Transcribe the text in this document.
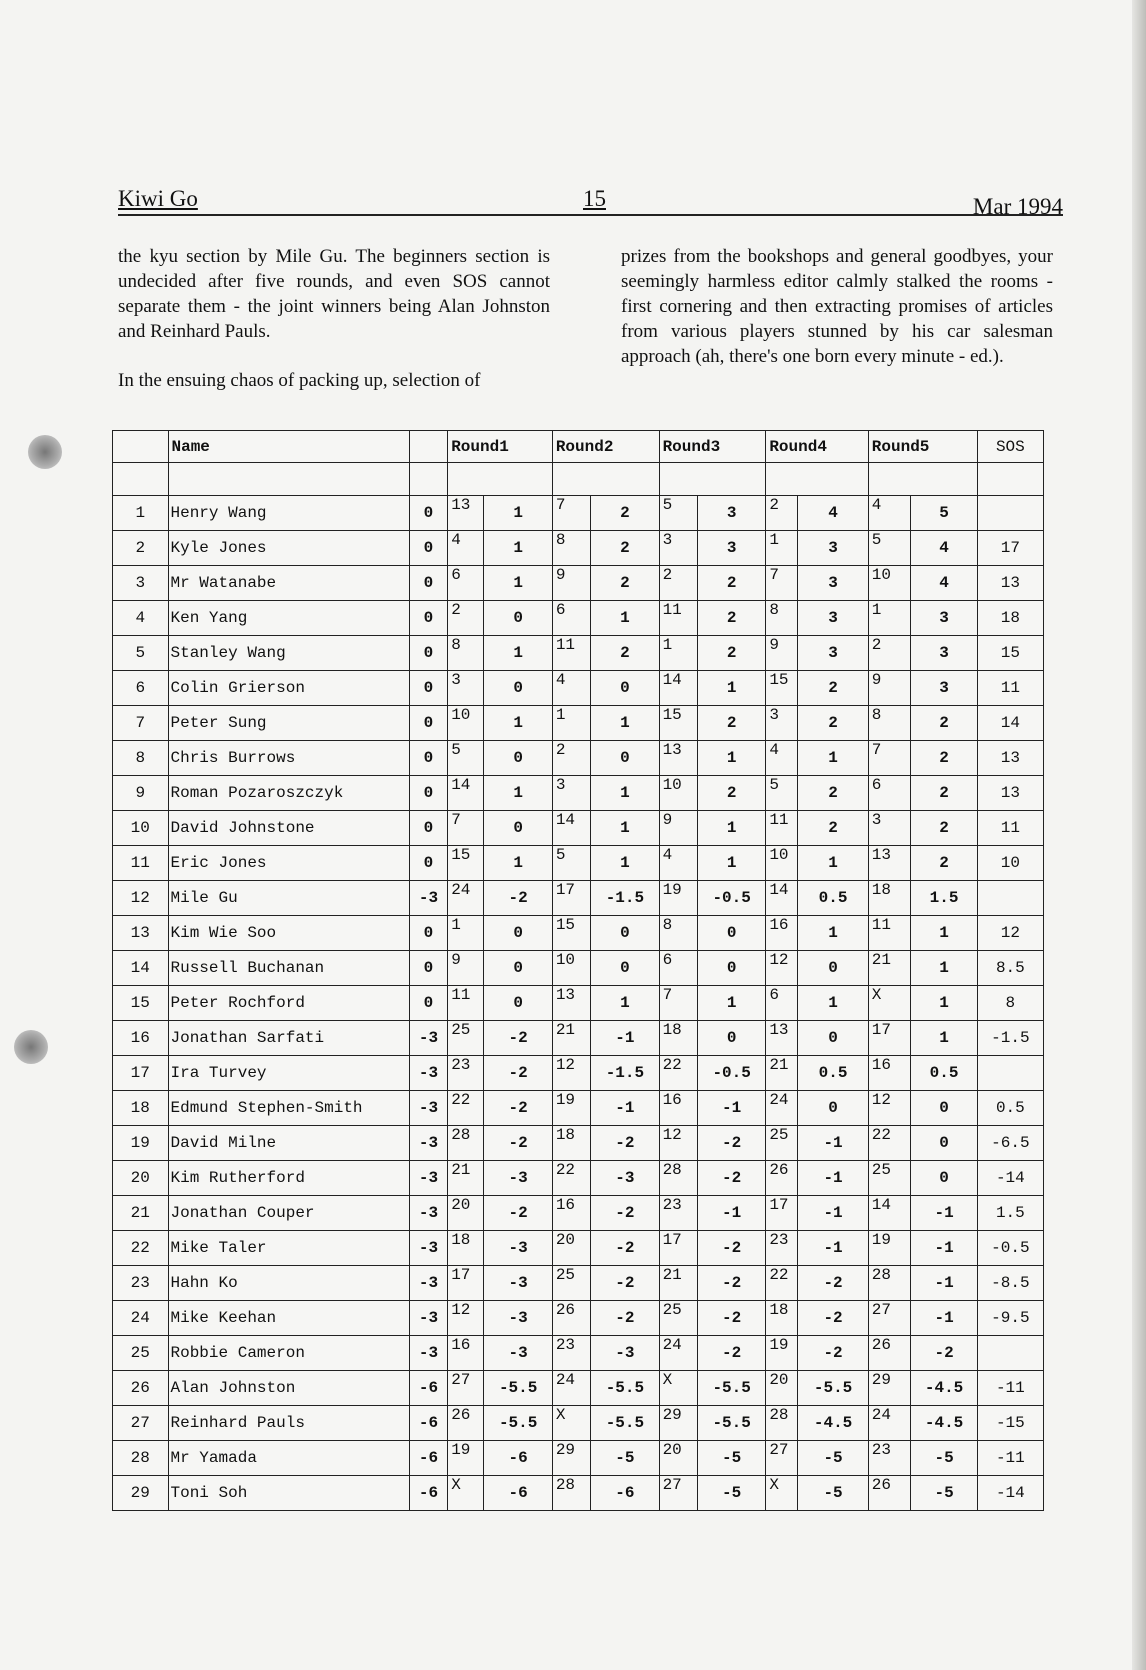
Kiwi Go	15	Mar 1994

the kyu section by Mile Gu. The beginners section is undecided after five rounds, and even SOS cannot separate them - the joint winners being Alan Johnston and Reinhard Pauls.

In the ensuing chaos of packing up, selection of

prizes from the bookshops and general goodbyes, your seemingly harmless editor calmly stalked the rooms - first cornering and then extracting promises of articles from various players stunned by his car salesman approach (ah, there's one born every minute - ed.).

	Name		Round1		Round2		Round3		Round4		Round5		SOS

1	Henry Wang	0	13	1	7	2	5	3	2	4	4	5	
2	Kyle Jones	0	4	1	8	2	3	3	1	3	5	4	17
3	Mr Watanabe	0	6	1	9	2	2	2	7	3	10	4	13
4	Ken Yang	0	2	0	6	1	11	2	8	3	1	3	18
5	Stanley Wang	0	8	1	11	2	1	2	9	3	2	3	15
6	Colin Grierson	0	3	0	4	0	14	1	15	2	9	3	11
7	Peter Sung	0	10	1	1	1	15	2	3	2	8	2	14
8	Chris Burrows	0	5	0	2	0	13	1	4	1	7	2	13
9	Roman Pozaroszczyk	0	14	1	3	1	10	2	5	2	6	2	13
10	David Johnstone	0	7	0	14	1	9	1	11	2	3	2	11
11	Eric Jones	0	15	1	5	1	4	1	10	1	13	2	10
12	Mile Gu	-3	24	-2	17	-1.5	19	-0.5	14	0.5	18	1.5	
13	Kim Wie Soo	0	1	0	15	0	8	0	16	1	11	1	12
14	Russell Buchanan	0	9	0	10	0	6	0	12	0	21	1	8.5
15	Peter Rochford	0	11	0	13	1	7	1	6	1	X	1	8
16	Jonathan Sarfati	-3	25	-2	21	-1	18	0	13	0	17	1	-1.5
17	Ira Turvey	-3	23	-2	12	-1.5	22	-0.5	21	0.5	16	0.5	
18	Edmund Stephen-Smith	-3	22	-2	19	-1	16	-1	24	0	12	0	0.5
19	David Milne	-3	28	-2	18	-2	12	-2	25	-1	22	0	-6.5
20	Kim Rutherford	-3	21	-3	22	-3	28	-2	26	-1	25	0	-14
21	Jonathan Couper	-3	20	-2	16	-2	23	-1	17	-1	14	-1	1.5
22	Mike Taler	-3	18	-3	20	-2	17	-2	23	-1	19	-1	-0.5
23	Hahn Ko	-3	17	-3	25	-2	21	-2	22	-2	28	-1	-8.5
24	Mike Keehan	-3	12	-3	26	-2	25	-2	18	-2	27	-1	-9.5
25	Robbie Cameron	-3	16	-3	23	-3	24	-2	19	-2	26	-2	
26	Alan Johnston	-6	27	-5.5	24	-5.5	X	-5.5	20	-5.5	29	-4.5	-11
27	Reinhard Pauls	-6	26	-5.5	X	-5.5	29	-5.5	28	-4.5	24	-4.5	-15
28	Mr Yamada	-6	19	-6	29	-5	20	-5	27	-5	23	-5	-11
29	Toni Soh	-6	X	-6	28	-6	27	-5	X	-5	26	-5	-14
